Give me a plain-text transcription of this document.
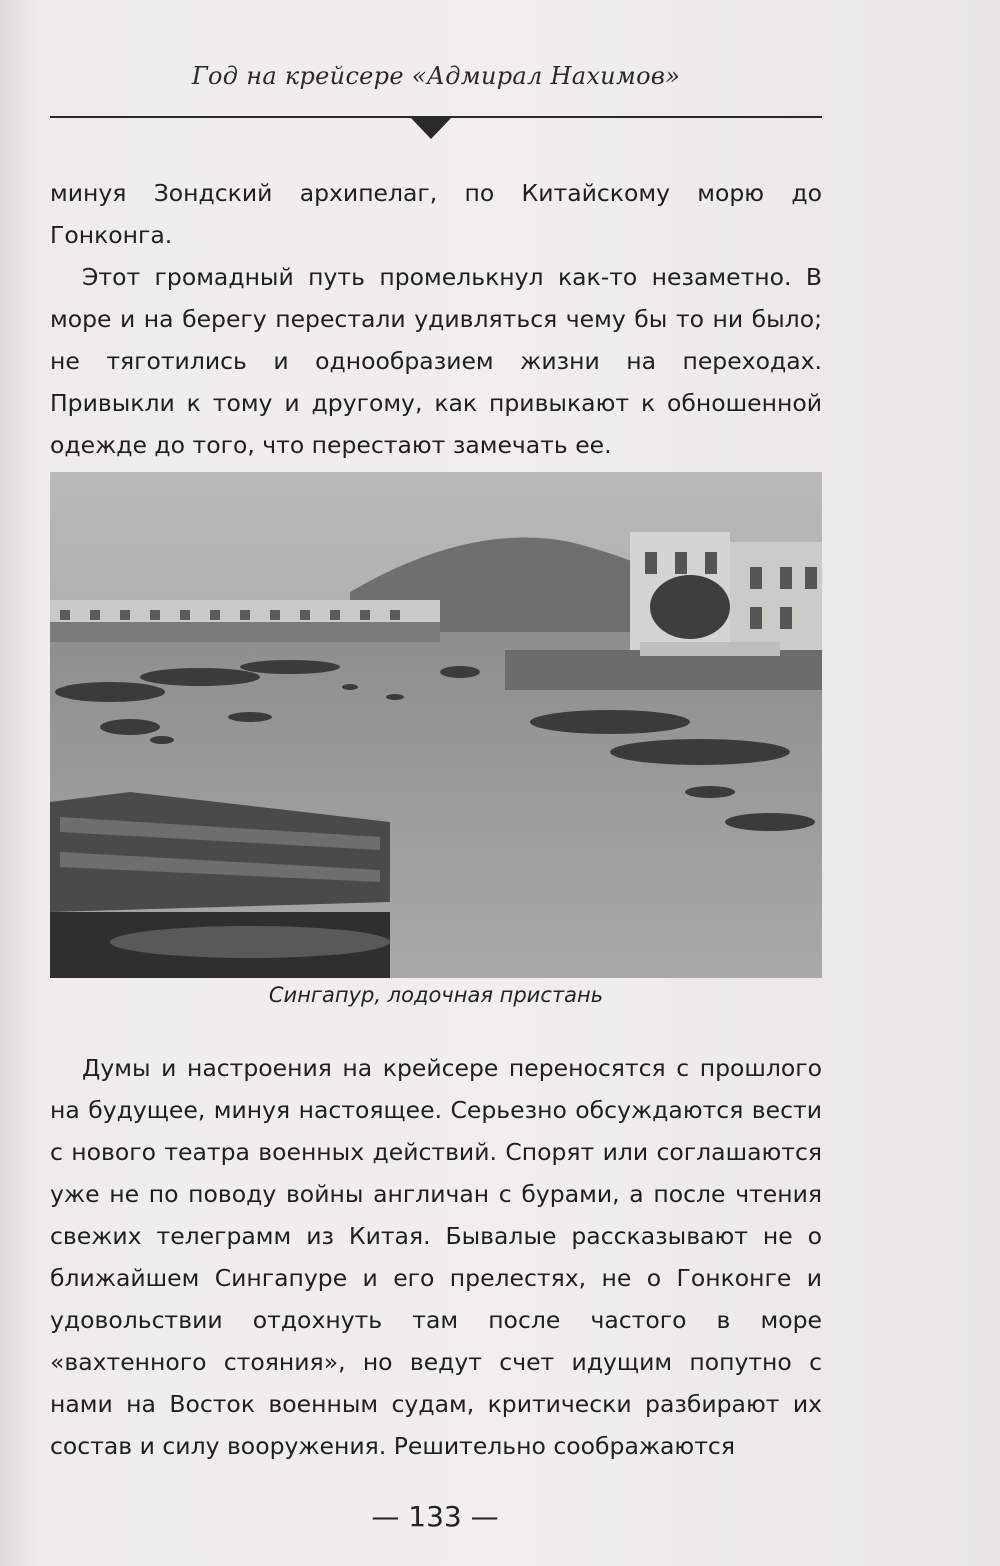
Год на крейсере «Адмирал Нахимов»

минуя Зондский архипелаг, по Китайскому морю до Гонконга.

Этот громадный путь промелькнул как-то незаметно. В море и на берегу перестали удивляться чему бы то ни было; не тяготились и однообразием жизни на переходах. Привыкли к тому и другому, как привыкают к обношенной одежде до того, что перестают замечать ее.

Сингапур, лодочная пристань

Думы и настроения на крейсере переносятся с прошлого на будущее, минуя настоящее. Серьезно обсуждаются вести с нового театра военных действий. Спорят или соглашаются уже не по поводу войны англичан с бурами, а после чтения свежих телеграмм из Китая. Бывалые рассказывают не о ближайшем Сингапуре и его прелестях, не о Гонконге и удовольствии отдохнуть там после частого в море «вахтенного стояния», но ведут счет идущим попутно с нами на Восток военным судам, критически разбирают их состав и силу вооружения. Решительно соображаются

— 133 —
